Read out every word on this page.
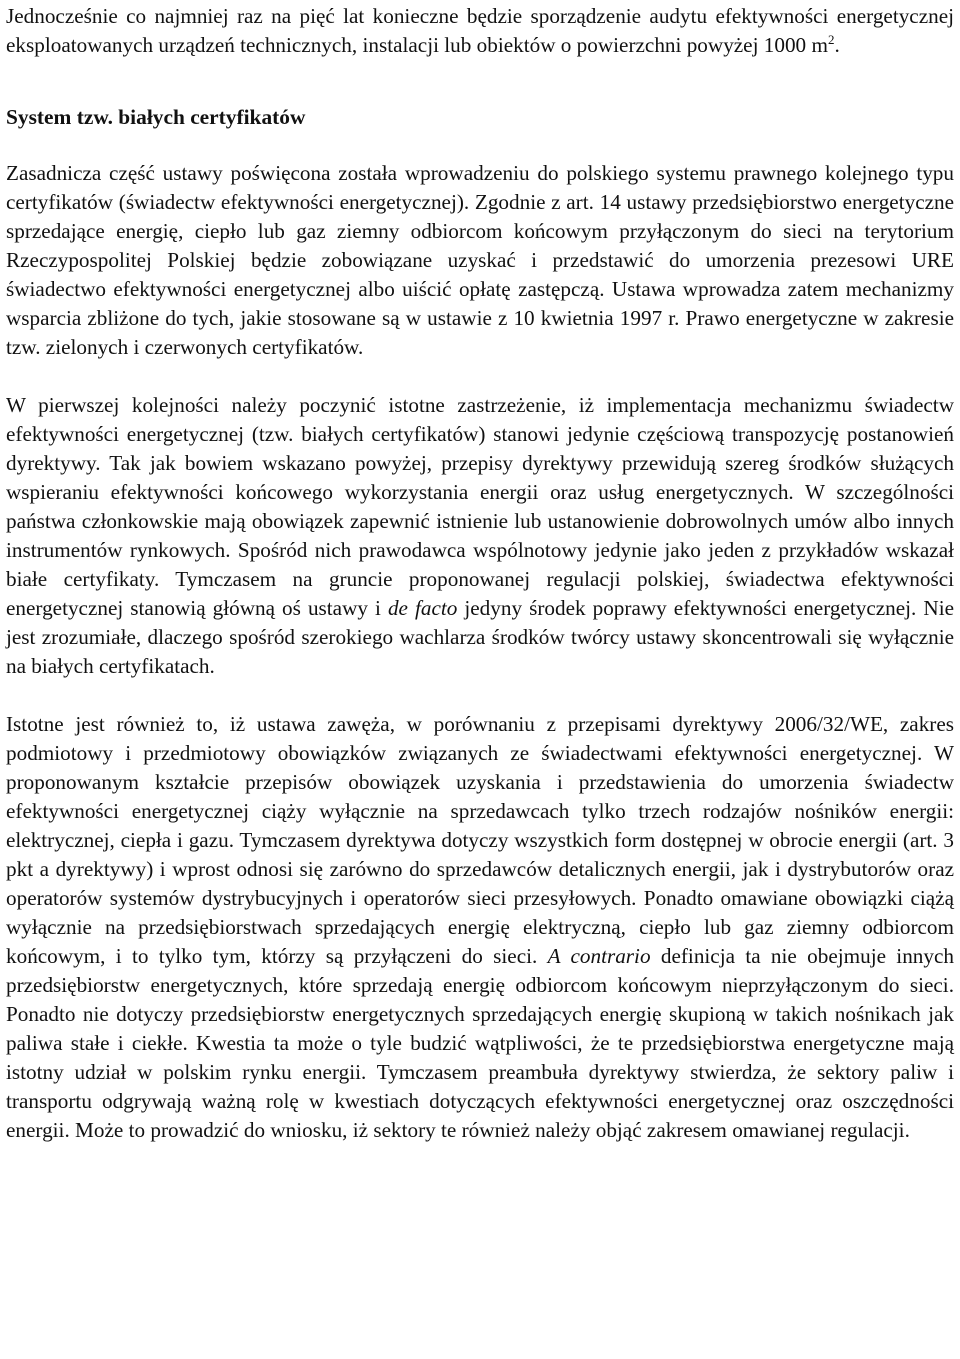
Jednocześnie co najmniej raz na pięć lat konieczne będzie sporządzenie audytu efektywności energetycznej eksploatowanych urządzeń technicznych, instalacji lub obiektów o powierzchni powyżej 1000 $m^2$.

System tzw. białych certyfikatów

Zasadnicza część ustawy poświęcona została wprowadzeniu do polskiego systemu prawnego kolejnego typu certyfikatów (świadectw efektywności energetycznej). Zgodnie z art. 14 ustawy przedsiębiorstwo energetyczne sprzedające energię, ciepło lub gaz ziemny odbiorcom końcowym przyłączonym do sieci na terytorium Rzeczypospolitej Polskiej będzie zobowiązane uzyskać i przedstawić do umorzenia prezesowi URE świadectwo efektywności energetycznej albo uiścić opłatę zastępczą. Ustawa wprowadza zatem mechanizmy wsparcia zbliżone do tych, jakie stosowane są w ustawie z 10 kwietnia 1997 r. Prawo energetyczne w zakresie tzw. zielonych i czerwonych certyfikatów.

W pierwszej kolejności należy poczynić istotne zastrzeżenie, iż implementacja mechanizmu świadectw efektywności energetycznej (tzw. białych certyfikatów) stanowi jedynie częściową transpozycję postanowień dyrektywy. Tak jak bowiem wskazano powyżej, przepisy dyrektywy przewidują szereg środków służących wspieraniu efektywności końcowego wykorzystania energii oraz usług energetycznych. W szczególności państwa członkowskie mają obowiązek zapewnić istnienie lub ustanowienie dobrowolnych umów albo innych instrumentów rynkowych. Spośród nich prawodawca wspólnotowy jedynie jako jeden z przykładów wskazał białe certyfikaty. Tymczasem na gruncie proponowanej regulacji polskiej, świadectwa efektywności energetycznej stanowią główną oś ustawy i de facto jedyny środek poprawy efektywności energetycznej. Nie jest zrozumiałe, dlaczego spośród szerokiego wachlarza środków twórcy ustawy skoncentrowali się wyłącznie na białych certyfikatach.

Istotne jest również to, iż ustawa zawęża, w porównaniu z przepisami dyrektywy 2006/32/WE, zakres podmiotowy i przedmiotowy obowiązków związanych ze świadectwami efektywności energetycznej. W proponowanym kształcie przepisów obowiązek uzyskania i przedstawienia do umorzenia świadectw efektywności energetycznej ciąży wyłącznie na sprzedawcach tylko trzech rodzajów nośników energii: elektrycznej, ciepła i gazu. Tymczasem dyrektywa dotyczy wszystkich form dostępnej w obrocie energii (art. 3 pkt a dyrektywy) i wprost odnosi się zarówno do sprzedawców detalicznych energii, jak i dystrybutorów oraz operatorów systemów dystrybucyjnych i operatorów sieci przesyłowych. Ponadto omawiane obowiązki ciążą wyłącznie na przedsiębiorstwach sprzedających energię elektryczną, ciepło lub gaz ziemny odbiorcom końcowym, i to tylko tym, którzy są przyłączeni do sieci. A contrario definicja ta nie obejmuje innych przedsiębiorstw energetycznych, które sprzedają energię odbiorcom końcowym nieprzyłączonym do sieci. Ponadto nie dotyczy przedsiębiorstw energetycznych sprzedających energię skupioną w takich nośnikach jak paliwa stałe i ciekłe. Kwestia ta może o tyle budzić wątpliwości, że te przedsiębiorstwa energetyczne mają istotny udział w polskim rynku energii. Tymczasem preambuła dyrektywy stwierdza, że sektory paliw i transportu odgrywają ważną rolę w kwestiach dotyczących efektywności energetycznej oraz oszczędności energii. Może to prowadzić do wniosku, iż sektory te również należy objąć zakresem omawianej regulacji.
